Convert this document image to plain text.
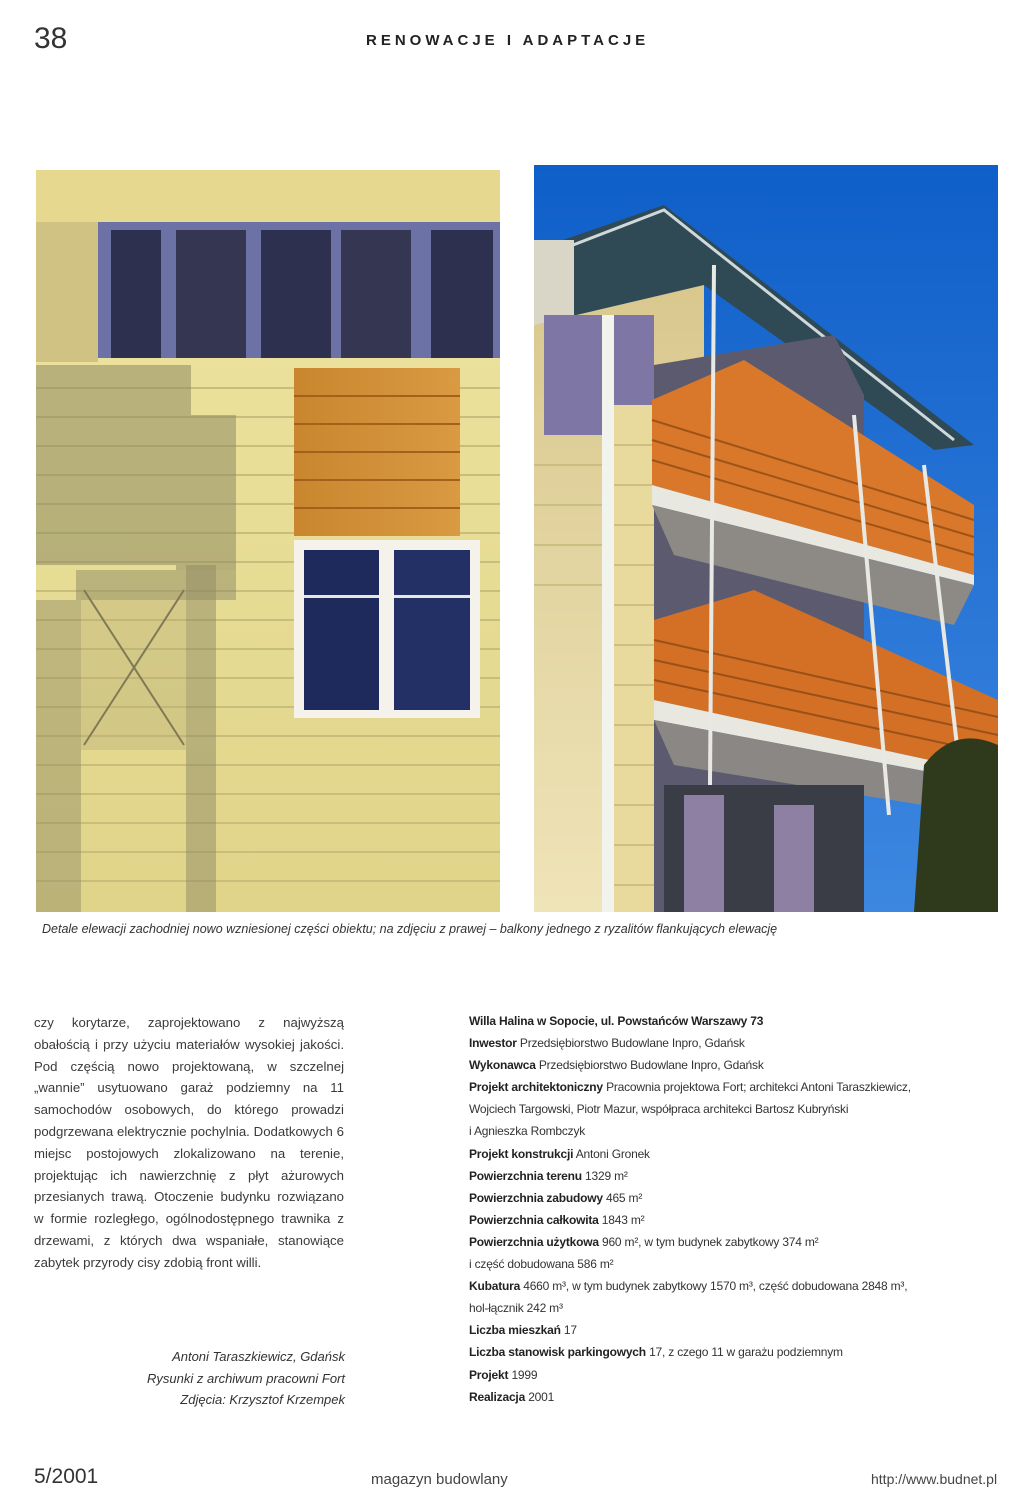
38	RENOWACJE I ADAPTACJE
Detale elewacji zachodniej nowo wzniesionej części obiektu; na zdjęciu z prawej – balkony jednego z ryzalitów flankujących elewację
czy korytarze, zaprojektowano z najwyższą obałością i przy użyciu materiałów wysokiej jakości. Pod częścią nowo projektowaną, w szczelnej „wannie” usytuowano garaż podziemny na 11 samochodów osobowych, do którego prowadzi podgrzewana elektrycznie pochylnia. Dodatkowych 6 miejsc postojowych zlokalizowano na terenie, projektując ich nawierzchnię z płyt ażurowych przesianych trawą. Otoczenie budynku rozwiązano w formie rozległego, ogólnodostępnego trawnika z drzewami, z których dwa wspaniałe, stanowiące zabytek przyrody cisy zdobią front willi.
Antoni Taraszkiewicz, Gdańsk
Rysunki z archiwum pracowni Fort
Zdjęcia: Krzysztof Krzempek
Willa Halina w Sopocie, ul. Powstańców Warszawy 73
Inwestor Przedsiębiorstwo Budowlane Inpro, Gdańsk
Wykonawca Przedsiębiorstwo Budowlane Inpro, Gdańsk
Projekt architektoniczny Pracownia projektowa Fort; architekci Antoni Taraszkiewicz,
Wojciech Targowski, Piotr Mazur, współpraca architekci Bartosz Kubryński
i Agnieszka Rombczyk
Projekt konstrukcji Antoni Gronek
Powierzchnia terenu 1329 m²
Powierzchnia zabudowy 465 m²
Powierzchnia całkowita 1843 m²
Powierzchnia użytkowa 960 m², w tym budynek zabytkowy 374 m²
i część dobudowana 586 m²
Kubatura 4660 m³, w tym budynek zabytkowy 1570 m³, część dobudowana 2848 m³,
hol-łącznik 242 m³
Liczba mieszkań 17
Liczba stanowisk parkingowych 17, z czego 11 w garażu podziemnym
Projekt 1999
Realizacja 2001
5/2001	magazyn budowlany	http://www.budnet.pl
